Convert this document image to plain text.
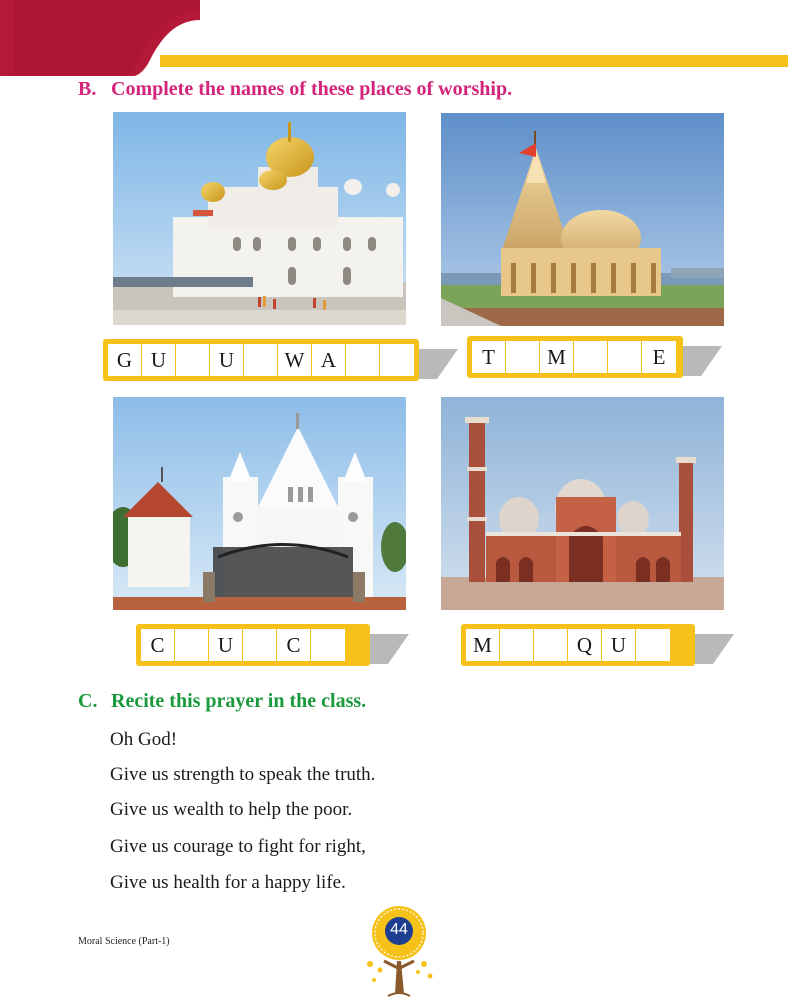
B. Complete the names of these places of worship.
G U	U	W A	T	M	E
C	U	C	M	Q U
C. Recite this prayer in the class.
Oh God!
Give us strength to speak the truth.
Give us wealth to help the poor.
Give us courage to fight for right,
Give us health for a happy life.
Moral Science (Part-1)
44
